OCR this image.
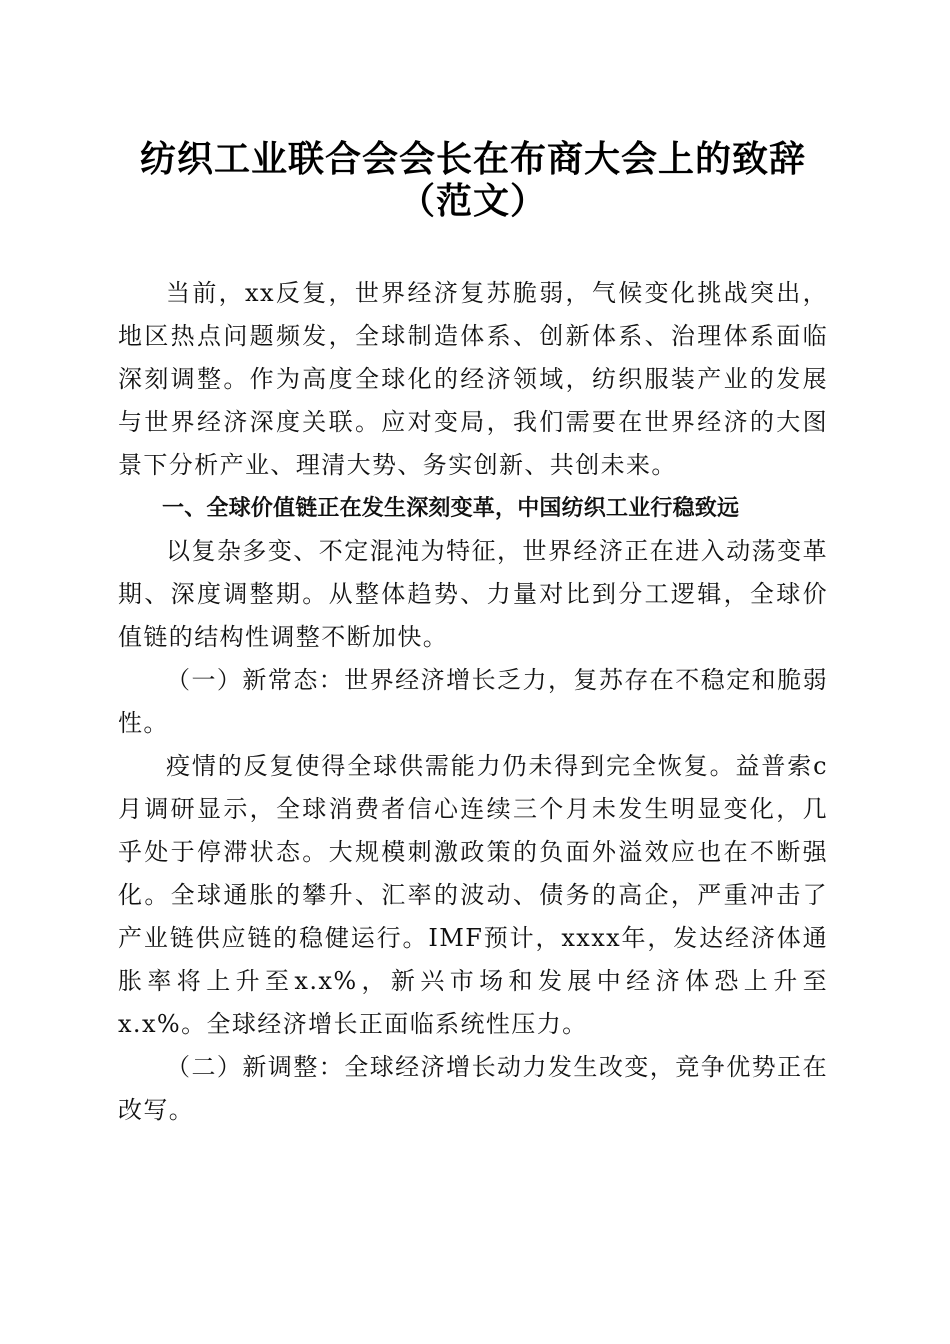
纺织工业联合会会长在布商大会上的致辞（范文）

当前，xx反复，世界经济复苏脆弱，气候变化挑战突出，地区热点问题频发，全球制造体系、创新体系、治理体系面临深刻调整。作为高度全球化的经济领域，纺织服装产业的发展与世界经济深度关联。应对变局，我们需要在世界经济的大图景下分析产业、理清大势、务实创新、共创未来。

一、全球价值链正在发生深刻变革，中国纺织工业行稳致远

以复杂多变、不定混沌为特征，世界经济正在进入动荡变革期、深度调整期。从整体趋势、力量对比到分工逻辑，全球价值链的结构性调整不断加快。

（一）新常态：世界经济增长乏力，复苏存在不稳定和脆弱性。

疫情的反复使得全球供需能力仍未得到完全恢复。益普索c月调研显示，全球消费者信心连续三个月未发生明显变化，几乎处于停滞状态。大规模刺激政策的负面外溢效应也在不断强化。全球通胀的攀升、汇率的波动、债务的高企，严重冲击了产业链供应链的稳健运行。IMF预计，xxxx年，发达经济体通胀率将上升至x.x%，新兴市场和发展中经济体恐上升至x.x%。全球经济增长正面临系统性压力。

（二）新调整：全球经济增长动力发生改变，竞争优势正在改写。
